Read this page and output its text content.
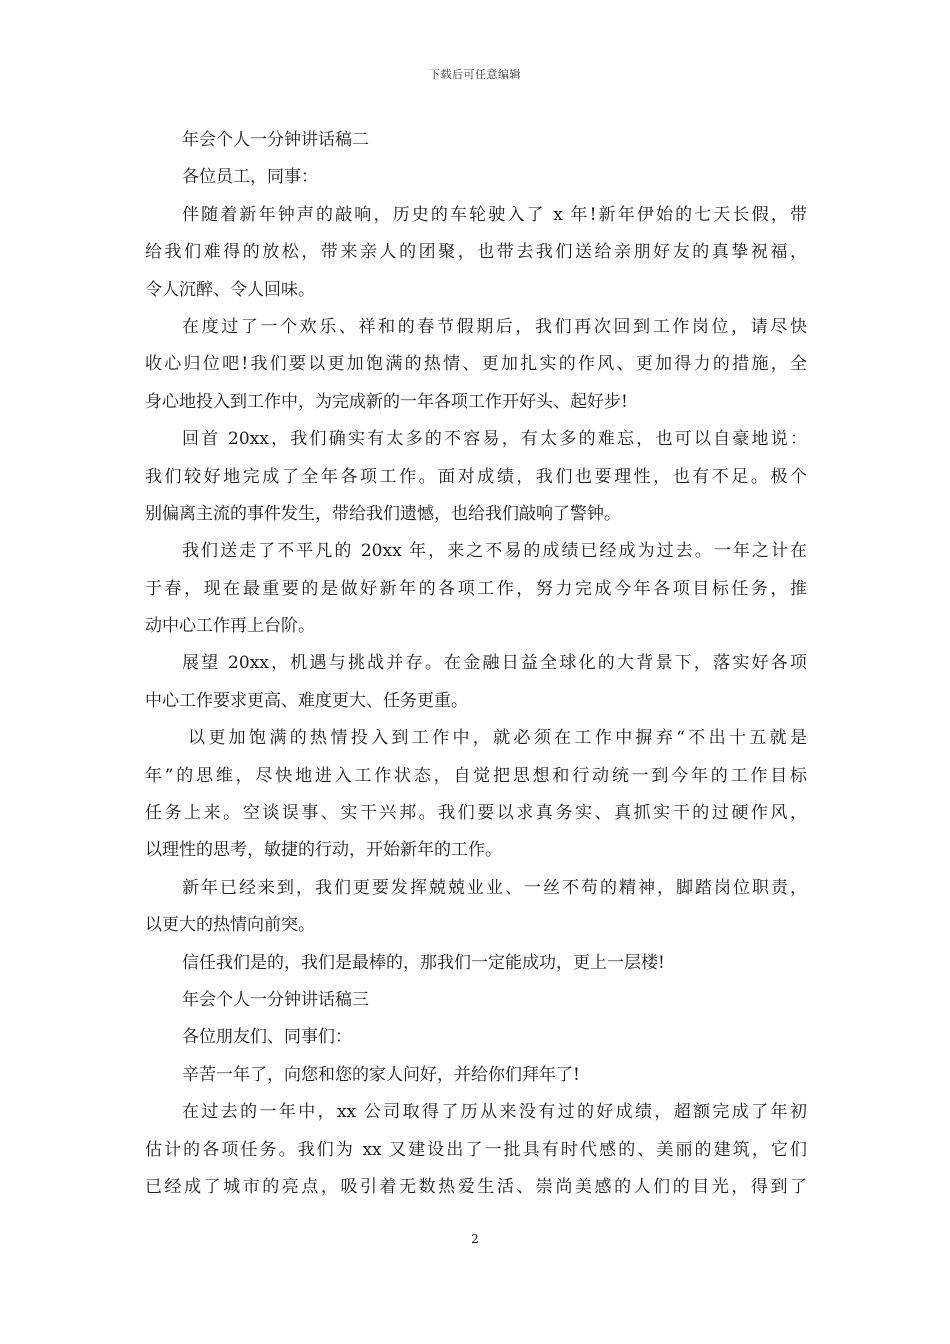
下载后可任意编辑
年会个人一分钟讲话稿二
各位员工，同事：
伴随着新年钟声的敲响，历史的车轮驶入了 x 年!新年伊始的七天长假，带
给我们难得的放松，带来亲人的团聚，也带去我们送给亲朋好友的真挚祝福，
令人沉醉、令人回味。
在度过了一个欢乐、祥和的春节假期后，我们再次回到工作岗位，请尽快
收心归位吧!我们要以更加饱满的热情、更加扎实的作风、更加得力的措施，全
身心地投入到工作中，为完成新的一年各项工作开好头、起好步!
回首 20xx，我们确实有太多的不容易，有太多的难忘，也可以自豪地说：
我们较好地完成了全年各项工作。面对成绩，我们也要理性，也有不足。极个
别偏离主流的事件发生，带给我们遗憾，也给我们敲响了警钟。
我们送走了不平凡的 20xx 年，来之不易的成绩已经成为过去。一年之计在
于春，现在最重要的是做好新年的各项工作，努力完成今年各项目标任务，推
动中心工作再上台阶。
展望 20xx，机遇与挑战并存。在金融日益全球化的大背景下，落实好各项
中心工作要求更高、难度更大、任务更重。
以更加饱满的热情投入到工作中，就必须在工作中摒弃“不出十五就是
年”的思维，尽快地进入工作状态，自觉把思想和行动统一到今年的工作目标
任务上来。空谈误事、实干兴邦。我们要以求真务实、真抓实干的过硬作风，
以理性的思考，敏捷的行动，开始新年的工作。
新年已经来到，我们更要发挥兢兢业业、一丝不苟的精神，脚踏岗位职责，
以更大的热情向前突。
信任我们是的，我们是最棒的，那我们一定能成功，更上一层楼!
年会个人一分钟讲话稿三
各位朋友们、同事们：
辛苦一年了，向您和您的家人问好，并给你们拜年了!
在过去的一年中，xx 公司取得了历从来没有过的好成绩，超额完成了年初
估计的各项任务。我们为 xx 又建设出了一批具有时代感的、美丽的建筑，它们
已经成了城市的亮点，吸引着无数热爱生活、崇尚美感的人们的目光，得到了
2
